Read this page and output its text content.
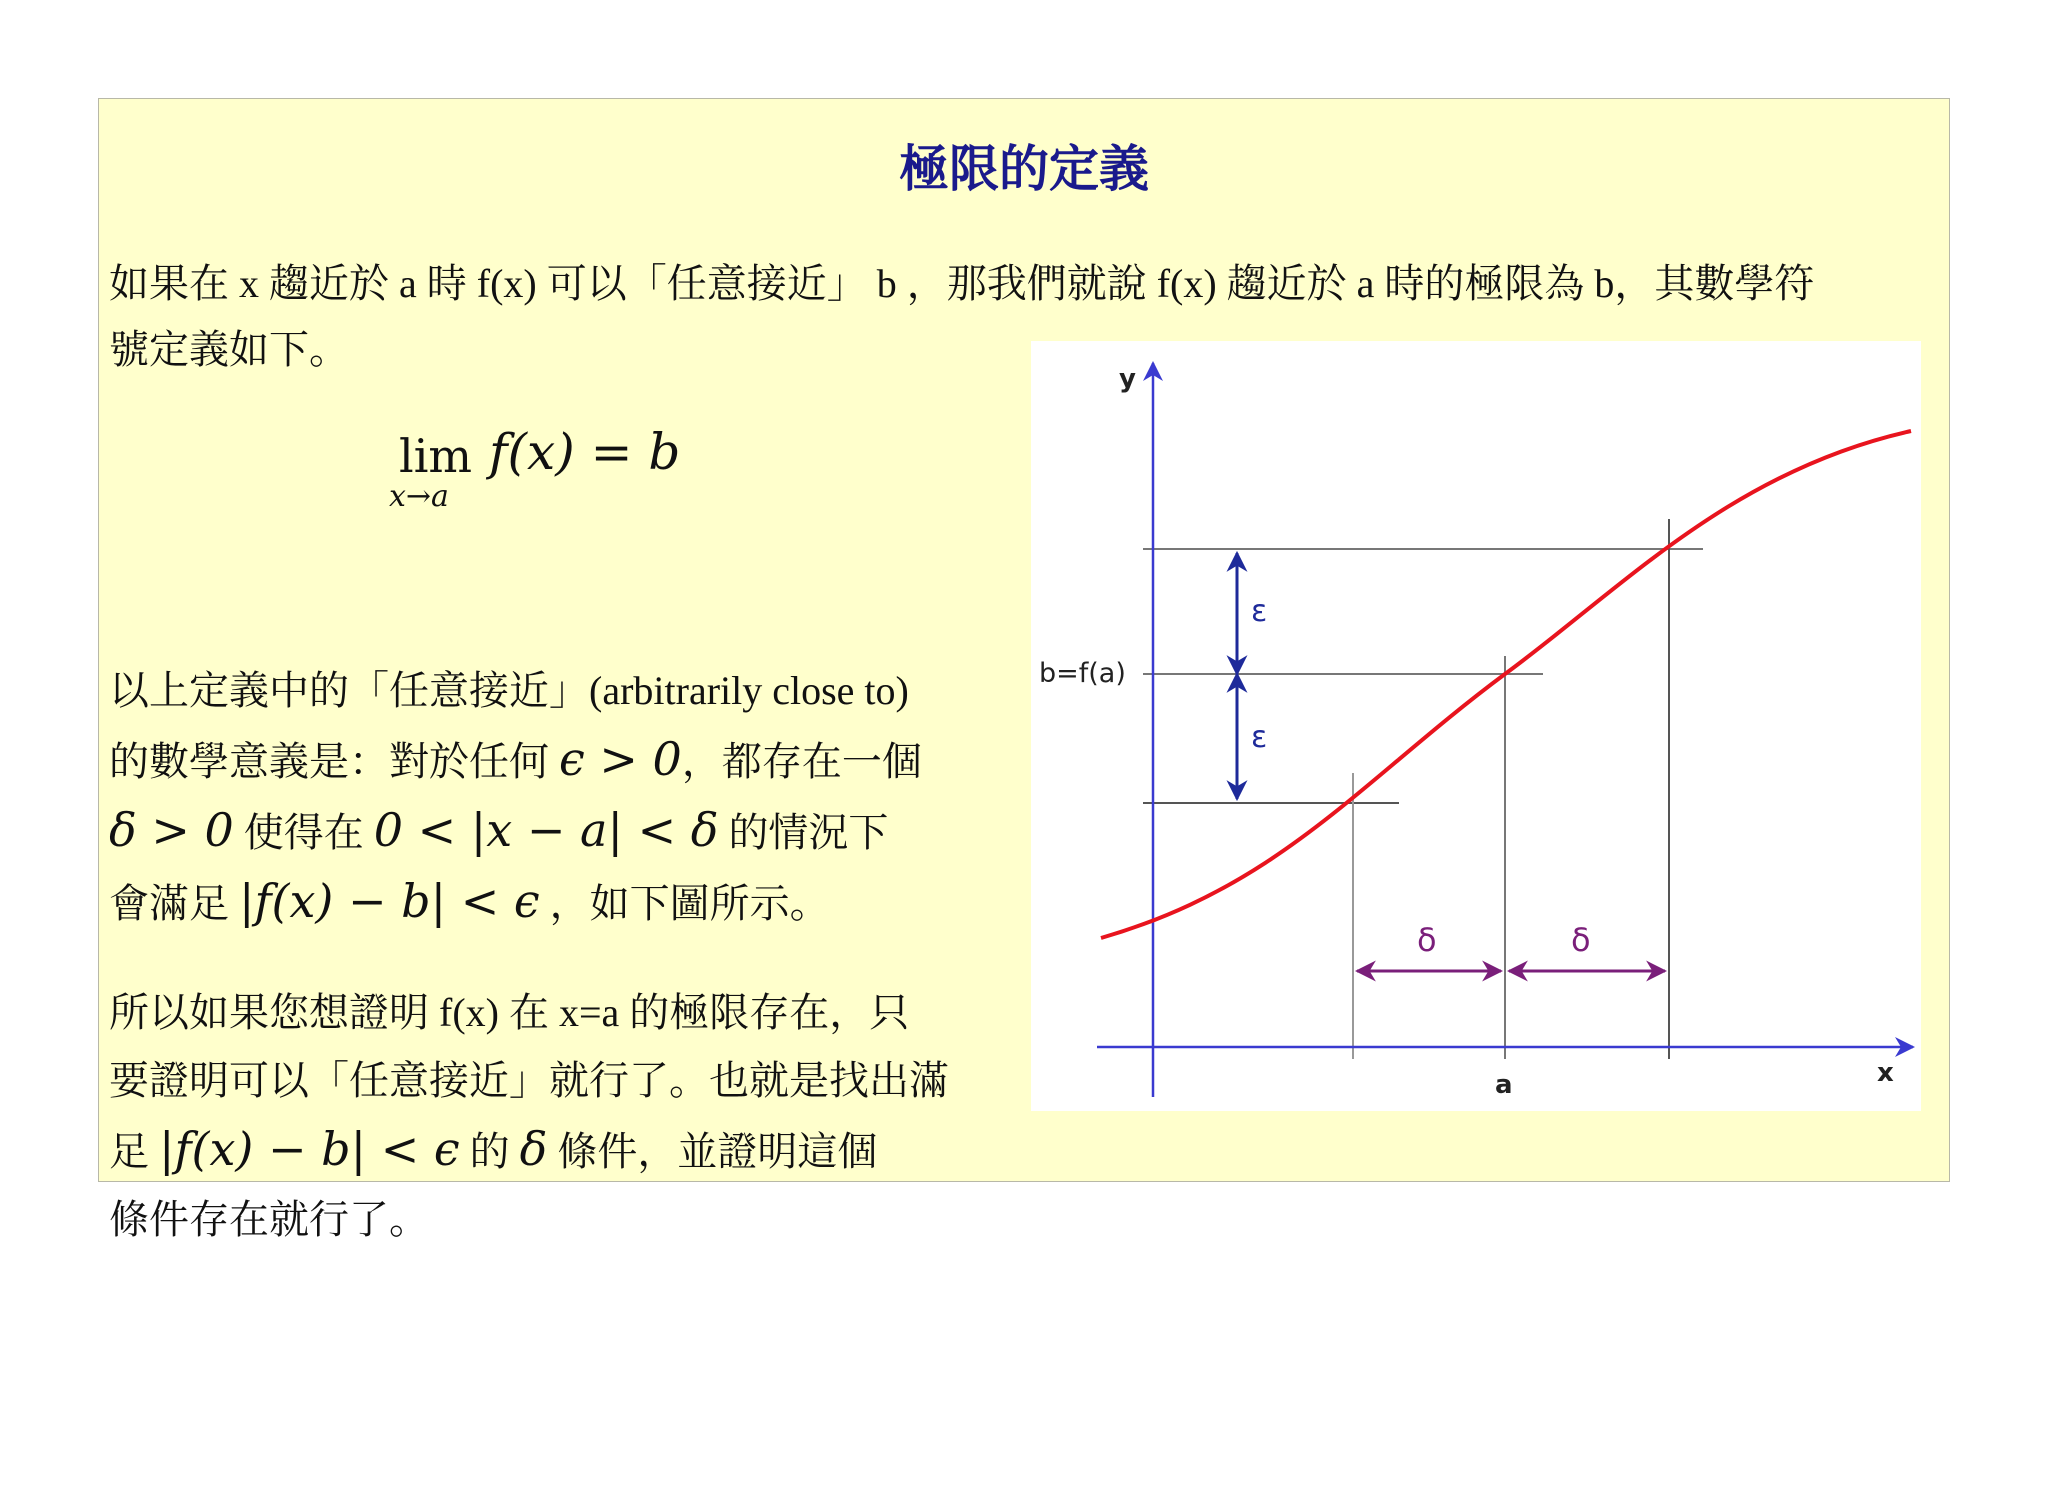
極限的定義
如果在 x 趨近於 a 時 f(x) 可以「任意接近」 b ，那我們就說 f(x) 趨近於 a 時的極限為 b，其數學符
號定義如下。
lim
x→a
f(x) = b
以上定義中的「任意接近」(arbitrarily close to)
的數學意義是：對於任何 ϵ > 0，都存在一個
δ > 0 使得在 0 < |x − a| < δ 的情況下
會滿足 |f(x) − b| < ϵ ，如下圖所示。
所以如果您想證明 f(x) 在 x=a 的極限存在，只
要證明可以「任意接近」就行了。也就是找出滿
足 |f(x) − b| < ϵ 的 δ 條件，並證明這個
條件存在就行了。
y
x
b=f(a)
a
ε
ε
δ	δ
